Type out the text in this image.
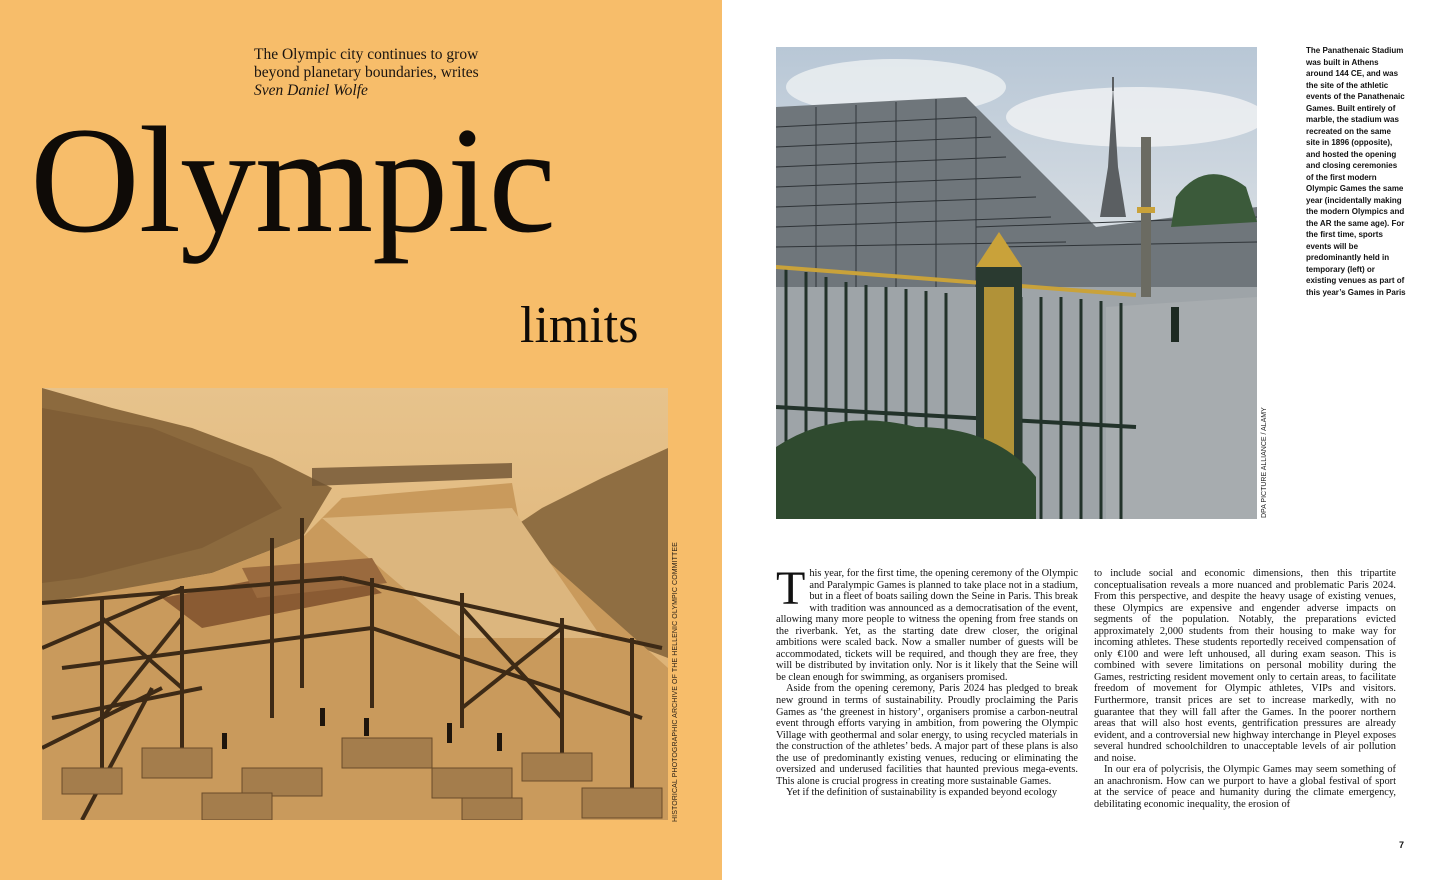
The Olympic city continues to grow beyond planetary boundaries, writes Sven Daniel Wolfe
Olympic
limits
HISTORICAL PHOTOGRAPHIC ARCHIVE OF THE HELLENIC OLYMPIC COMMITTEE
DPA PICTURE ALLIANCE / ALAMY
The Panathenaic Stadium was built in Athens around 144 CE, and was the site of the athletic events of the Panathenaic Games. Built entirely of marble, the stadium was recreated on the same site in 1896 (opposite), and hosted the opening and closing ceremonies of the first modern Olympic Games the same year (incidentally making the modern Olympics and the AR the same age). For the first time, sports events will be predominantly held in temporary (left) or existing venues as part of this year’s Games in Paris

This year, for the first time, the opening ceremony of the Olympic and Paralympic Games is planned to take place not in a stadium, but in a fleet of boats sailing down the Seine in Paris. This break with tradition was announced as a democratisation of the event, allowing many more people to witness the opening from free stands on the riverbank. Yet, as the starting date drew closer, the original ambitions were scaled back. Now a smaller number of guests will be accommodated, tickets will be required, and though they are free, they will be distributed by invitation only. Nor is it likely that the Seine will be clean enough for swimming, as organisers promised.

Aside from the opening ceremony, Paris 2024 has pledged to break new ground in terms of sustainability. Proudly proclaiming the Paris Games as ‘the greenest in history’, organisers promise a carbon-neutral event through efforts varying in ambition, from powering the Olympic Village with geothermal and solar energy, to using recycled materials in the construction of the athletes’ beds. A major part of these plans is also the use of predominantly existing venues, reducing or eliminating the oversized and underused facilities that haunted previous mega-events. This alone is crucial progress in creating more sustainable Games.

Yet if the definition of sustainability is expanded beyond ecology

to include social and economic dimensions, then this tripartite conceptualisation reveals a more nuanced and problematic Paris 2024. From this perspective, and despite the heavy usage of existing venues, these Olympics are expensive and engender adverse impacts on segments of the population. Notably, the preparations evicted approximately 2,000 students from their housing to make way for incoming athletes. These students reportedly received compensation of only €100 and were left unhoused, all during exam season. This is combined with severe limitations on personal mobility during the Games, restricting resident movement only to certain areas, to facilitate freedom of movement for Olympic athletes, VIPs and visitors. Furthermore, transit prices are set to increase markedly, with no guarantee that they will fall after the Games. In the poorer northern areas that will also host events, gentrification pressures are already evident, and a controversial new highway interchange in Pleyel exposes several hundred schoolchildren to unacceptable levels of air pollution and noise.

In our era of polycrisis, the Olympic Games may seem something of an anachronism. How can we purport to have a global festival of sport at the service of peace and humanity during the climate emergency, debilitating economic inequality, the erosion of

7
